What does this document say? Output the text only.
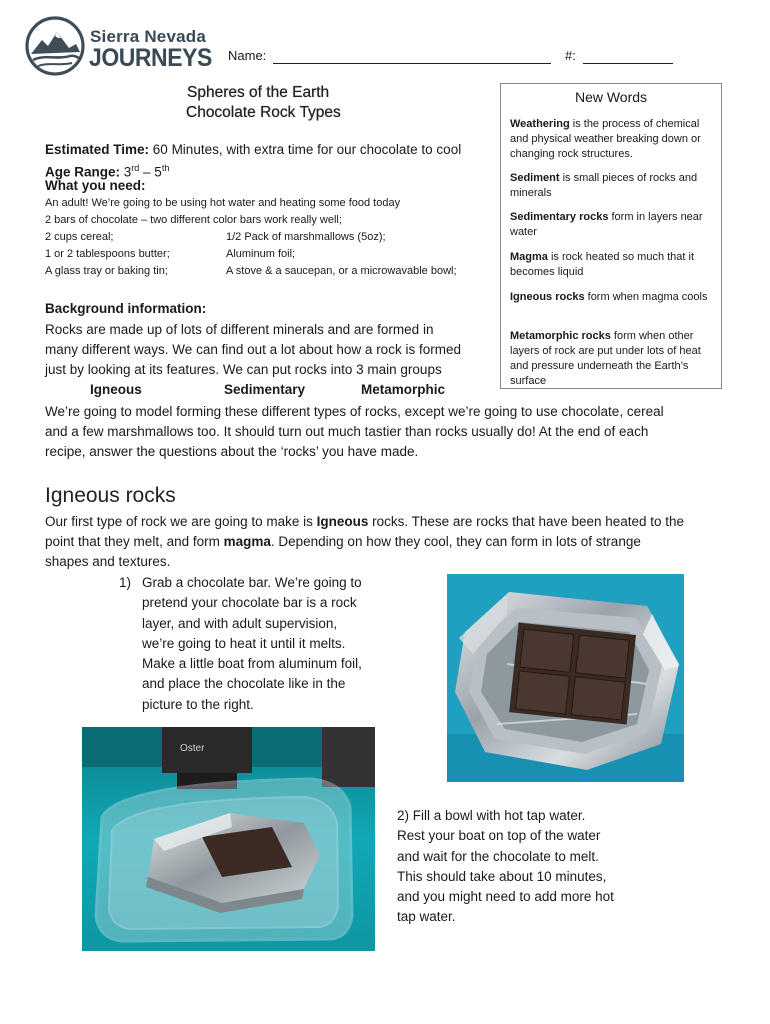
Sierra Nevada
JOURNEYS Name:	#:
Spheres of the Earth
Chocolate Rock Types
Estimated Time: 60 Minutes, with extra time for our chocolate to cool
Age Range: 3rd – 5th
What you need:
An adult! We’re going to be using hot water and heating some food today
2 bars of chocolate – two different color bars work really well;
2 cups cereal;
1 or 2 tablespoons butter;
A glass tray or baking tin;
1/2 Pack of marshmallows (5oz);
Aluminum foil;
A stove & a saucepan, or a microwavable bowl;
New Words
Weathering is the process of chemical and physical weather breaking down or changing rock structures.
Sediment is small pieces of rocks and minerals
Sedimentary rocks form in layers near water
Magma is rock heated so much that it becomes liquid
Igneous rocks form when magma cools
Metamorphic rocks form when other layers of rock are put under lots of heat and pressure underneath the Earth’s surface
Background information:
Rocks are made up of lots of different minerals and are formed in
many different ways. We can find out a lot about how a rock is formed
just by looking at its features. We can put rocks into 3 main groups
Igneous	Sedimentary	Metamorphic
We’re going to model forming these different types of rocks, except we’re going to use chocolate, cereal
and a few marshmallows too. It should turn out much tastier than rocks usually do! At the end of each
recipe, answer the questions about the ‘rocks’ you have made.
Igneous rocks
Our first type of rock we are going to make is Igneous rocks. These are rocks that have been heated to the
point that they melt, and form magma. Depending on how they cool, they can form in lots of strange
shapes and textures.
1) Grab a chocolate bar. We’re going to
pretend your chocolate bar is a rock
layer, and with adult supervision,
we’re going to heat it until it melts.
Make a little boat from aluminum foil,
and place the chocolate like in the
picture to the right.
Oster
2) Fill a bowl with hot tap water.
Rest your boat on top of the water
and wait for the chocolate to melt.
This should take about 10 minutes,
and you might need to add more hot
tap water.
